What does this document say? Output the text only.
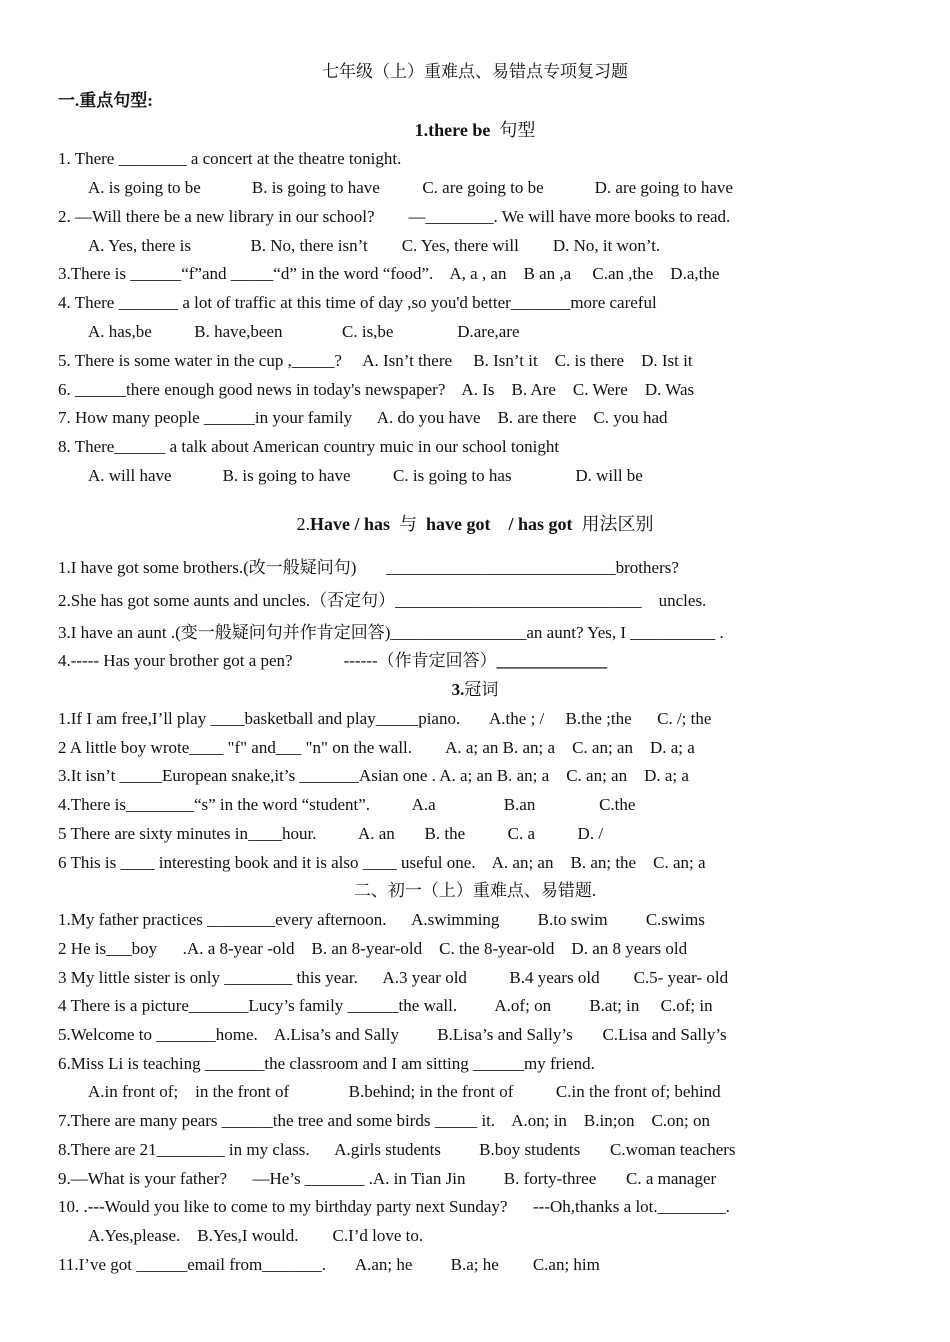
七年级（上）重难点、易错点专项复习题
一.重点句型:
1.there be  句型
1. There ________ a concert at the theatre tonight.
A. is going to be            B. is going to have          C. are going to be            D. are going to have
2. —Will there be a new library in our school?        —________. We will have more books to read.
A. Yes, there is              B. No, there isn’t        C. Yes, there will        D. No, it won’t.
3.There is ______“f”and _____“d” in the word “food”.    A, a , an    B an ,a     C.an ,the    D.a,the
4. There _______ a lot of traffic at this time of day ,so you'd better_______more careful
A. has,be          B. have,been              C. is,be               D.are,are
5. There is some water in the cup ,_____?     A. Isn’t there     B. Isn’t it    C. is there    D. Ist it
6. ______there enough good news in today's newspaper?    A. Is    B. Are    C. Were    D. Was
7. How many people ______in your family      A. do you have    B. are there    C. you had
8. There______ a talk about American country muic in our school tonight
A. will have            B. is going to have          C. is going to has               D. will be
2.Have / has  与  have got    / has got  用法区别
1.I have got some brothers.(改一般疑问句)       ___________________________brothers?
2.She has got some aunts and uncles.（否定句）_____________________________    uncles.
3.I have an aunt .(变一般疑问句并作肯定回答)________________an aunt? Yes, I __________ .
4.----- Has your brother got a pen?            ------（作肯定回答）_____________
3.冠词
1.If I am free,I’ll play ____basketball and play_____piano.       A.the ; /     B.the ;the      C. /; the
2 A little boy wrote____ "f" and___ "n" on the wall.        A. a; an B. an; a    C. an; an    D. a; a
3.It isn’t _____European snake,it’s _______Asian one . A. a; an B. an; a    C. an; an    D. a; a
4.There is________“s” in the word “student”.          A.a                B.an               C.the
5 There are sixty minutes in____hour.          A. an       B. the          C. a          D. /
6 This is ____ interesting book and it is also ____ useful one.    A. an; an    B. an; the    C. an; a
二、初一（上）重难点、易错题.
1.My father practices ________every afternoon.      A.swimming         B.to swim         C.swims
2 He is___boy      .A. a 8-year -old    B. an 8-year-old    C. the 8-year-old    D. an 8 years old
3 My little sister is only ________ this year.      A.3 year old          B.4 years old        C.5- year- old
4 There is a picture_______Lucy’s family ______the wall.         A.of; on         B.at; in     C.of; in
5.Welcome to _______home.    A.Lisa’s and Sally         B.Lisa’s and Sally’s       C.Lisa and Sally’s
6.Miss Li is teaching _______the classroom and I am sitting ______my friend.
A.in front of;    in the front of              B.behind; in the front of          C.in the front of; behind
7.There are many pears ______the tree and some birds _____ it.    A.on; in    B.in;on    C.on; on
8.There are 21________ in my class.      A.girls students         B.boy students       C.woman teachers
9.—What is your father?      —He’s _______ .A. in Tian Jin         B. forty-three       C. a manager
10. .---Would you like to come to my birthday party next Sunday?      ---Oh,thanks a lot.________.
A.Yes,please.    B.Yes,I would.        C.I’d love to.
11.I’ve got ______email from_______.       A.an; he         B.a; he        C.an; him
